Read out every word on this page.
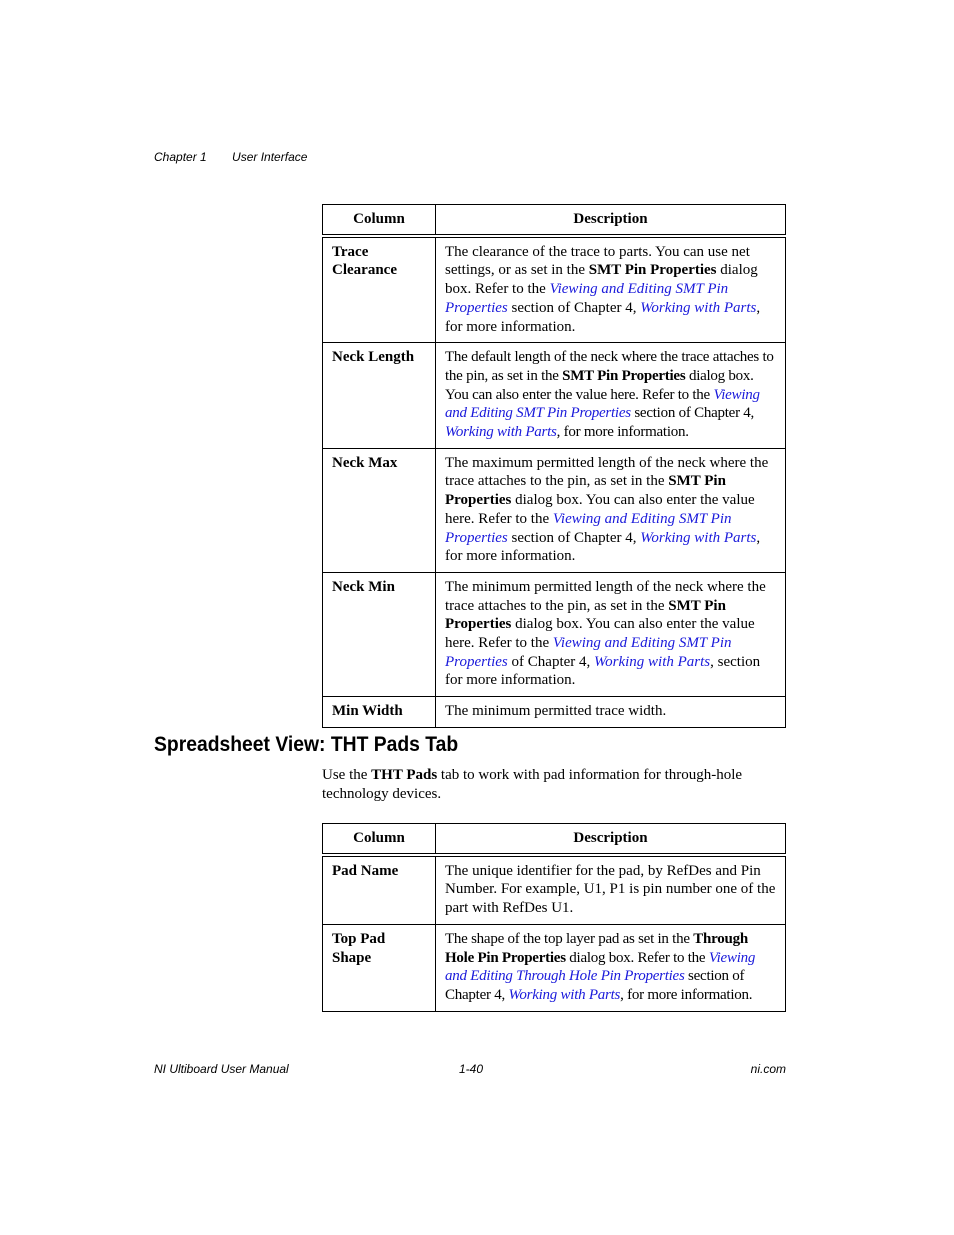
Chapter 1 User Interface
Column	Description
Trace Clearance	The clearance of the trace to parts. You can use net settings, or as set in the SMT Pin Properties dialog box. Refer to the Viewing and Editing SMT Pin Properties section of Chapter 4, Working with Parts, for more information.
Neck Length	The default length of the neck where the trace attaches to the pin, as set in the SMT Pin Properties dialog box. You can also enter the value here. Refer to the Viewing and Editing SMT Pin Properties section of Chapter 4, Working with Parts, for more information.
Neck Max	The maximum permitted length of the neck where the trace attaches to the pin, as set in the SMT Pin Properties dialog box. You can also enter the value here. Refer to the Viewing and Editing SMT Pin Properties section of Chapter 4, Working with Parts, for more information.
Neck Min	The minimum permitted length of the neck where the trace attaches to the pin, as set in the SMT Pin Properties dialog box. You can also enter the value here. Refer to the Viewing and Editing SMT Pin Properties of Chapter 4, Working with Parts, section for more information.
Min Width	The minimum permitted trace width.
Spreadsheet View: THT Pads Tab

Use the THT Pads tab to work with pad information for through-hole technology devices.

Column	Description
Pad Name	The unique identifier for the pad, by RefDes and Pin Number. For example, U1, P1 is pin number one of the part with RefDes U1.
Top Pad Shape	The shape of the top layer pad as set in the Through Hole Pin Properties dialog box. Refer to the Viewing and Editing Through Hole Pin Properties section of Chapter 4, Working with Parts, for more information.
NI Ultiboard User Manual	1-40	ni.com
